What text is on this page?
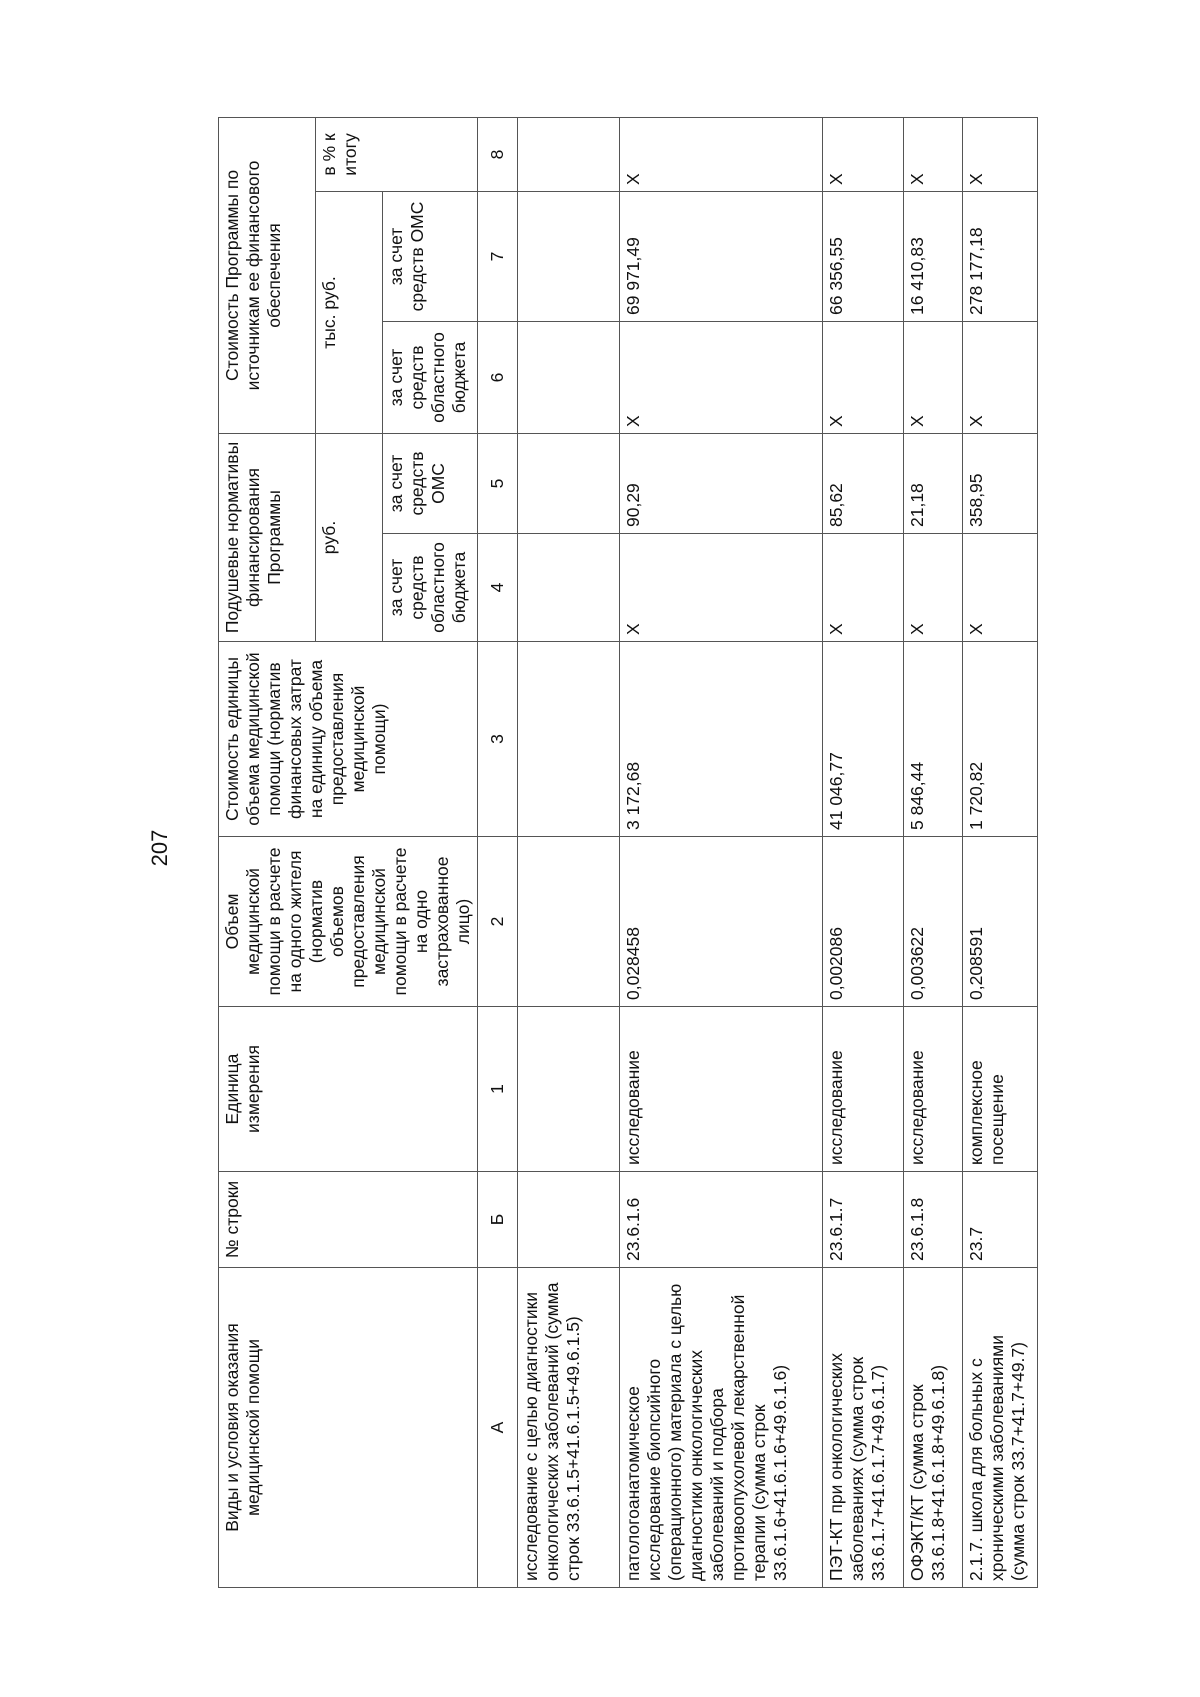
207
Виды и условия оказания медицинской помощи	№ строки	Единица измерения	Объем медицинской помощи в расчете на одного жителя (норматив объемов предоставления медицинской помощи в расчете на одно застрахованное лицо)	Стоимость единицы объема медицинской помощи (норматив финансовых затрат на единицу объема предоставления медицинской помощи)	Подушевые нормативы финансирования Программы		Стоимость Программы по источникам ее финансового обеспечения		
					руб.		тыс. руб.		в % к итогу
					за счет средств областного бюджета	за счет средств ОМС	за счет средств областного бюджета	за счет средств ОМС	
А	Б	1	2	3	4	5	6	7	8
исследование с целью диагностики онкологических заболеваний (сумма строк 33.6.1.5+41.6.1.5+49.6.1.5)									
патологоанатомическое исследование биопсийного (операционного) материала с целью диагностики онкологических заболеваний и подбора противоопухолевой лекарственной терапии (сумма строк 33.6.1.6+41.6.1.6+49.6.1.6)	23.6.1.6	исследование	0,028458	3 172,68	Х	90,29	Х	69 971,49	Х
ПЭТ-КТ при онкологических заболеваниях (сумма строк 33.6.1.7+41.6.1.7+49.6.1.7)	23.6.1.7	исследование	0,002086	41 046,77	Х	85,62	Х	66 356,55	Х
ОФЭКТ/КТ (сумма строк 33.6.1.8+41.6.1.8+49.6.1.8)	23.6.1.8	исследование	0,003622	5 846,44	Х	21,18	Х	16 410,83	Х
2.1.7. школа для больных с хроническими заболеваниями (сумма строк 33.7+41.7+49.7)	23.7	комплексное посещение	0,208591	1 720,82	Х	358,95	Х	278 177,18	Х
